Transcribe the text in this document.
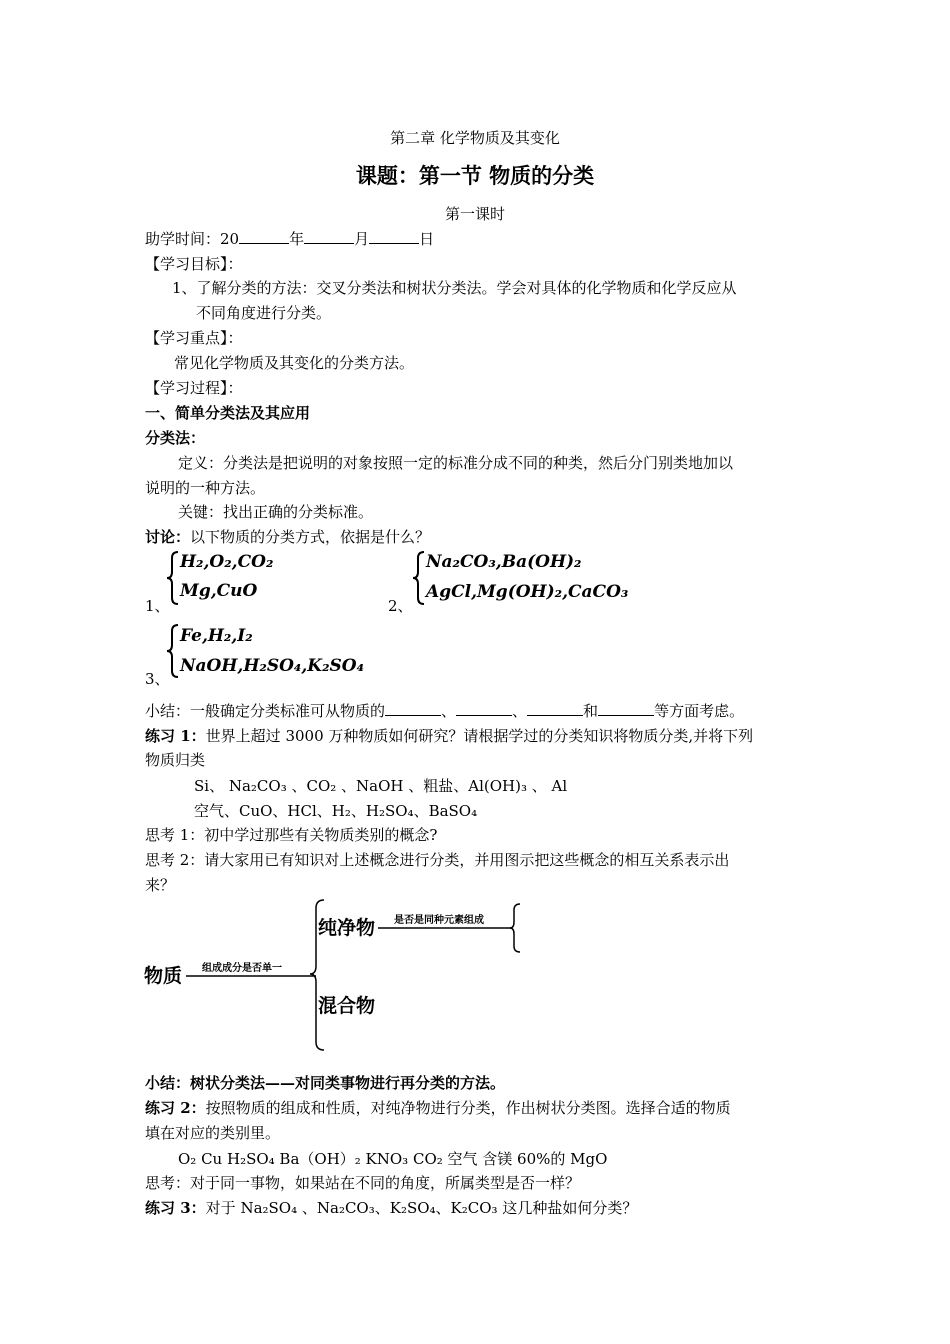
第二章 化学物质及其变化
课题：第一节 物质的分类
第一课时
助学时间：20	年	月	日
【学习目标】：
1、了解分类的方法：交叉分类法和树状分类法。学会对具体的化学物质和化学反应从
不同角度进行分类。
【学习重点】：
常见化学物质及其变化的分类方法。
【学习过程】：
一、简单分类法及其应用
分类法：
定义：分类法是把说明的对象按照一定的标准分成不同的种类，然后分门别类地加以
说明的一种方法。
关键：找出正确的分类标准。
讨论：以下物质的分类方式，依据是什么？
1、
H₂,O₂,CO₂
Mg,CuO
2、
Na₂CO₃,Ba(OH)₂
AgCl,Mg(OH)₂,CaCO₃
3、
Fe,H₂,I₂
NaOH,H₂SO₄,K₂SO₄
小结：一般确定分类标准可从物质的	、	、	和	等方面考虑。
练习 1：世界上超过 3000 万种物质如何研究？请根据学过的分类知识将物质分类,并将下列
物质归类
Si、 Na₂CO₃ 、CO₂ 、NaOH 、粗盐、Al(OH)₃ 、 Al
空气、CuO、HCl、H₂、H₂SO₄、BaSO₄
思考 1：初中学过那些有关物质类别的概念?
思考 2：请大家用已有知识对上述概念进行分类，并用图示把这些概念的相互关系表示出
来？
物质 组成成分是否单一
纯净物 是否是同种元素组成
混合物
小结：树状分类法——对同类事物进行再分类的方法。
练习 2：按照物质的组成和性质，对纯净物进行分类，作出树状分类图。选择合适的物质
填在对应的类别里。
O₂ Cu H₂SO₄ Ba（OH）₂ KNO₃ CO₂ 空气 含镁 60%的 MgO
思考：对于同一事物，如果站在不同的角度，所属类型是否一样？
练习 3：对于 Na₂SO₄ 、Na₂CO₃、K₂SO₄、K₂CO₃ 这几种盐如何分类？
